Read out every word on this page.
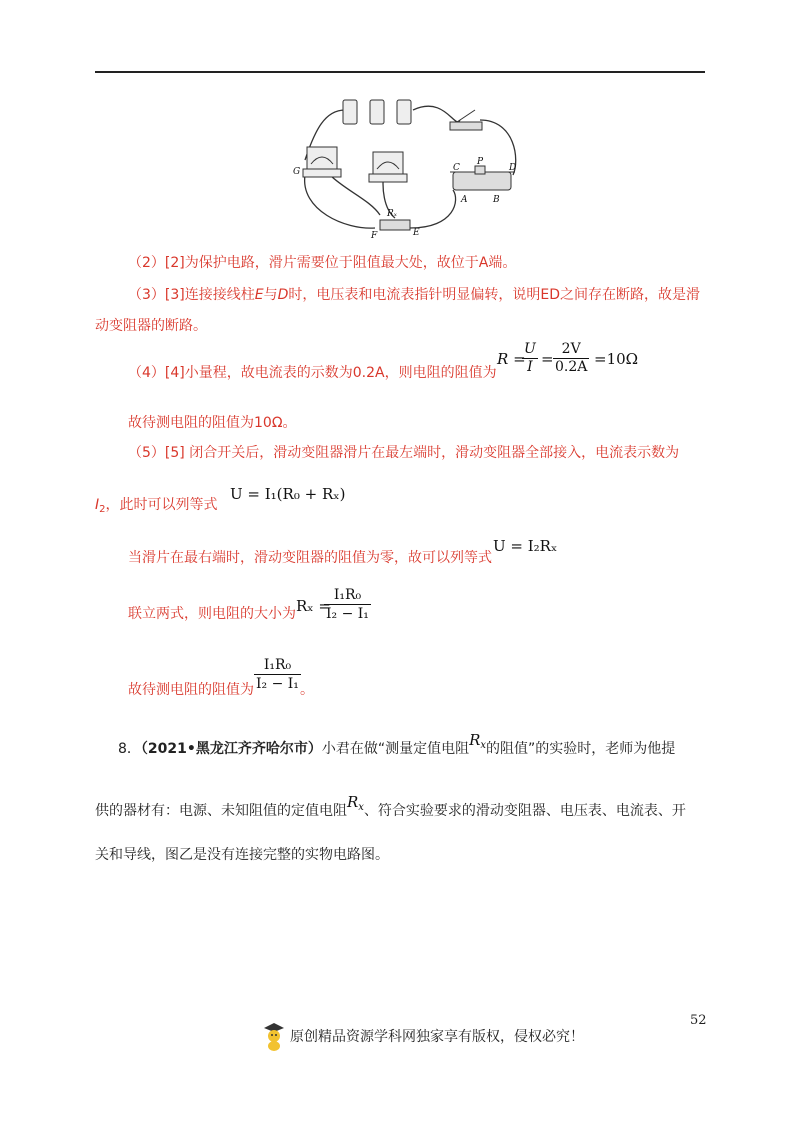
G
F	E
C
P
D
A	B
Rₓ
（2）[2]为保护电路，滑片需要位于阻值最大处，故位于A端。
（3）[3]连接接线柱E与D时，电压表和电流表指针明显偏转，说明ED之间存在断路，故是滑
动变阻器的断路。
（4）[4]小量程，故电流表的示数为0.2A，则电阻的阻值为
R =
$\frac{U}{I} = \frac{2V}{0.2A} =10\Omega$
故待测电阻的阻值为10Ω。
（5）[5] 闭合开关后，滑动变阻器滑片在最左端时，滑动变阻器全部接入，电流表示数为
$I_2$，此时可以列等式
U = I₁(R₀ + Rₓ)
当滑片在最右端时，滑动变阻器的阻值为零，故可以列等式
U = I₂Rₓ
联立两式，则电阻的大小为 Rₓ =
$\frac{\text{I₁R₀}}{\text{I₂ − I₁}}$
故待测电阻的阻值为 $\frac{\text{I₁R₀}}{\text{I₂ − I₁}}$ 。
8．（2021•黑龙江齐齐哈尔市）小君在做“测量定值电阻$R_x$的阻值”的实验时，老师为他提
供的器材有：电源、未知阻值的定值电阻$R_x$、符合实验要求的滑动变阻器、电压表、电流表、开
关和导线，图乙是没有连接完整的实物电路图。
52
原创精品资源学科网独家享有版权，侵权必究！
